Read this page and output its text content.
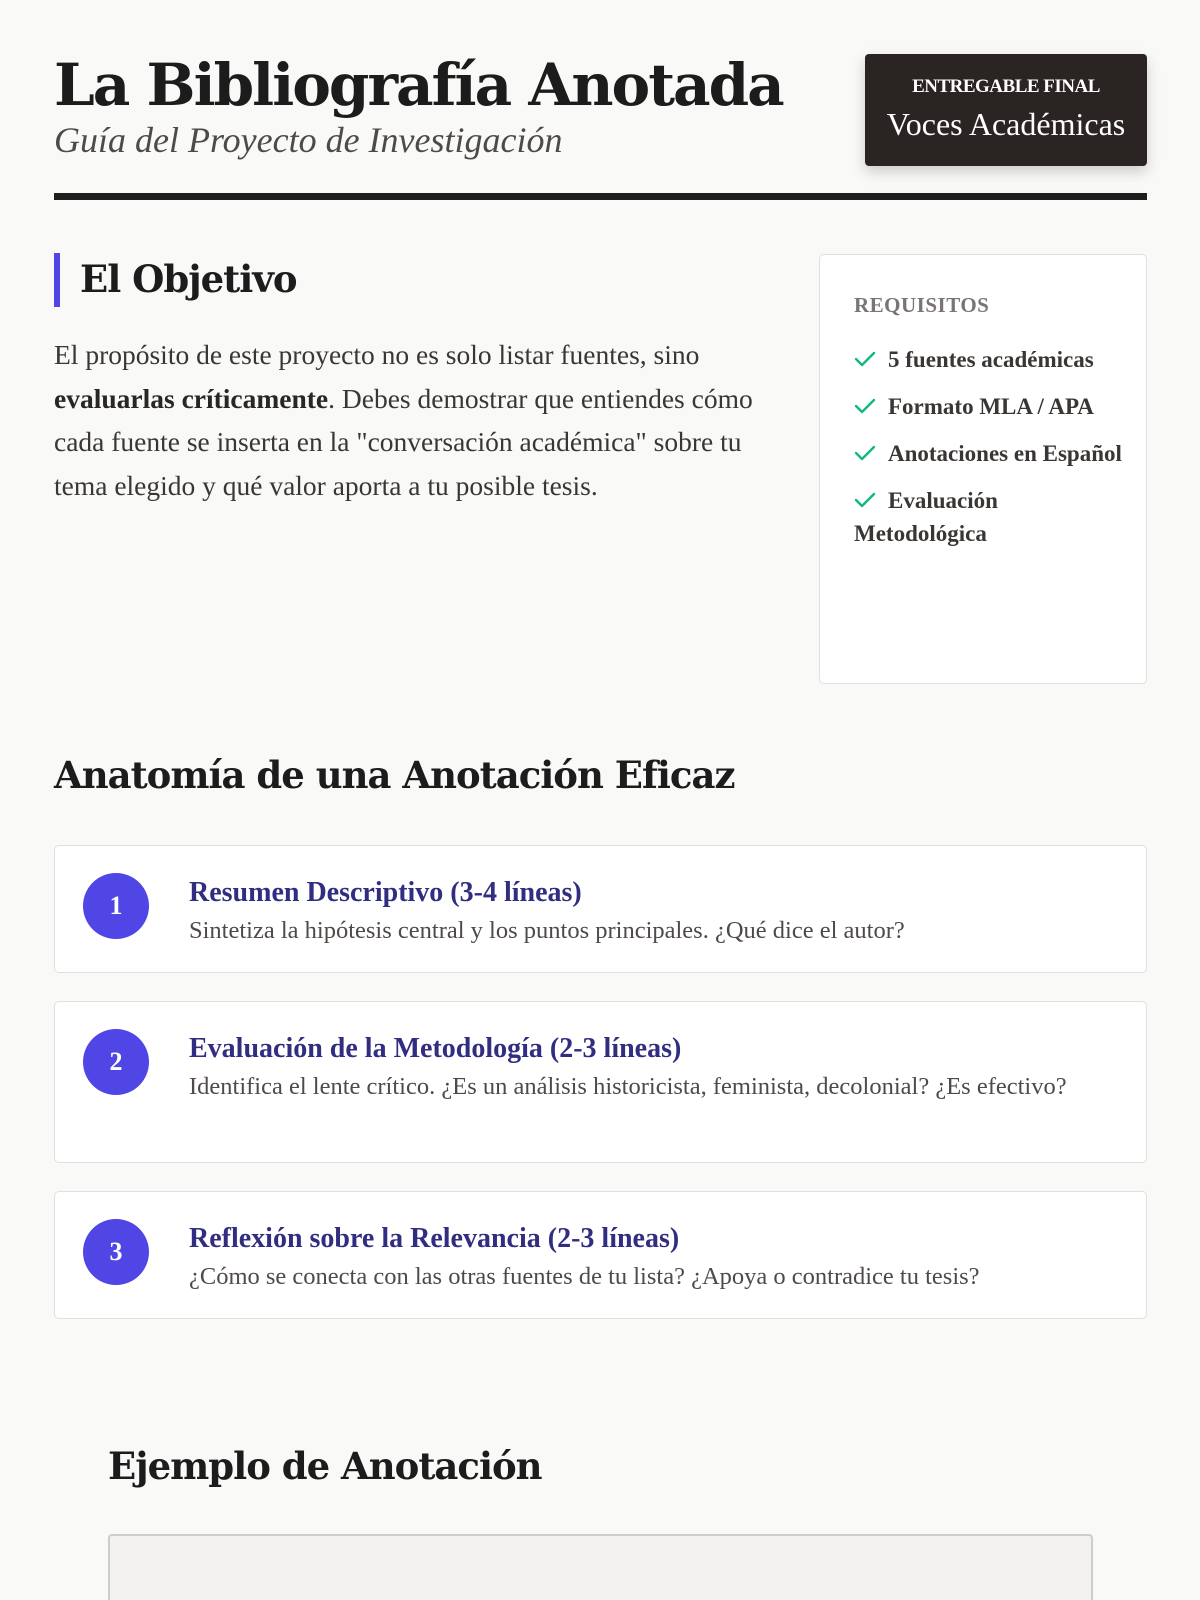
La Bibliografía Anotada

Guía del Proyecto de Investigación

ENTREGABLE FINAL
Voces Académicas
El Objetivo

El propósito de este proyecto no es solo listar fuentes, sino evaluarlas críticamente. Debes demostrar que entiendes cómo cada fuente se inserta en la "conversación académica" sobre tu tema elegido y qué valor aporta a tu posible tesis.

REQUISITOS
5 fuentes académicas
Formato MLA / APA
Anotaciones en Español
Evaluación Metodológica
Anatomía de una Anotación Eficaz
1	Resumen Descriptivo (3-4 líneas)

Sintetiza la hipótesis central y los puntos principales. ¿Qué dice el autor?

2	Evaluación de la Metodología (2-3 líneas)

Identifica el lente crítico. ¿Es un análisis historicista, feminista, decolonial? ¿Es efectivo?

3	Reflexión sobre la Relevancia (2-3 líneas)

¿Cómo se conecta con las otras fuentes de tu lista? ¿Apoya o contradice tu tesis?

Ejemplo de Anotación
